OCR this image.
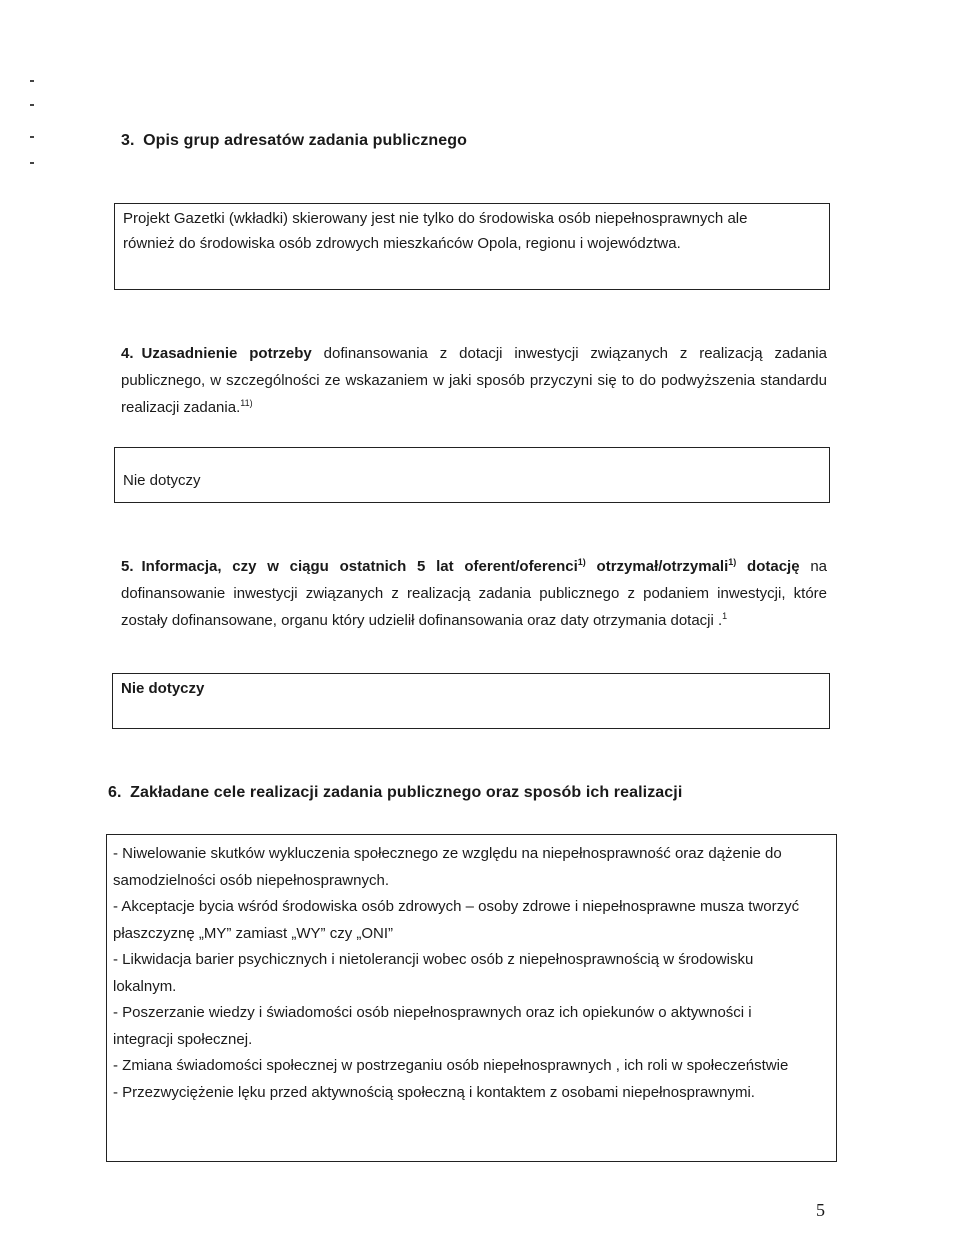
3. Opis grup adresatów zadania publicznego
Projekt Gazetki (wkładki) skierowany jest nie tylko do środowiska osób niepełnosprawnych ale
również do środowiska osób zdrowych mieszkańców Opola, regionu i województwa.
4. Uzasadnienie potrzeby dofinansowania z dotacji inwestycji związanych z realizacją zadania publicznego, w szczególności ze wskazaniem w jaki sposób przyczyni się to do podwyższenia standardu realizacji zadania.$^{11)}$
Nie dotyczy
5. Informacja, czy w ciągu ostatnich 5 lat oferent/oferenci$^{1)}$ otrzymał/otrzymali$^{1)}$ dotację na dofinansowanie inwestycji związanych z realizacją zadania publicznego z podaniem inwestycji, które zostały dofinansowane, organu który udzielił dofinansowania oraz daty otrzymania dotacji .$^1$
Nie dotyczy
6. Zakładane cele realizacji zadania publicznego oraz sposób ich realizacji
- Niwelowanie skutków wykluczenia społecznego ze względu na niepełnosprawność oraz dążenie do
samodzielności osób niepełnosprawnych.
- Akceptacje bycia wśród środowiska osób zdrowych – osoby zdrowe i niepełnosprawne musza tworzyć
płaszczyznę „MY” zamiast „WY” czy „ONI”
- Likwidacja barier psychicznych i nietolerancji wobec osób z niepełnosprawnością w środowisku
lokalnym.
- Poszerzanie wiedzy i świadomości osób niepełnosprawnych oraz ich opiekunów o aktywności i
integracji społecznej.
- Zmiana świadomości społecznej w postrzeganiu osób niepełnosprawnych , ich roli w społeczeństwie
- Przezwyciężenie lęku przed aktywnością społeczną i kontaktem z osobami niepełnosprawnymi.
5
